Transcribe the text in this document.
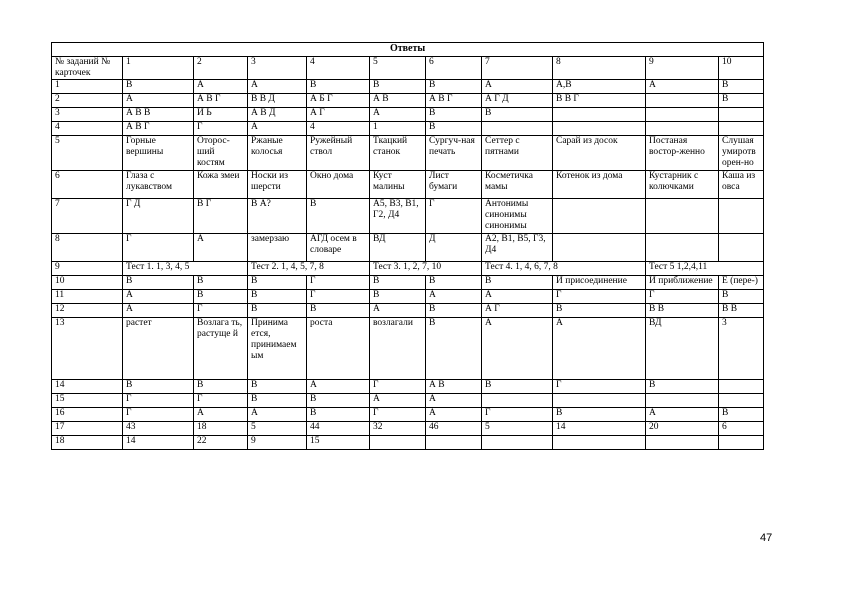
Ответы										
№ заданий № карточек	1	2	3	4	5	6	7	8	9	10
1	В	А	А	В	В	В	А	А,В	А	В
2	А	А В Г	В В Д	А Б Г	А В	А В Г	А Г Д	В В Г		В
3	А В В	И Ь	А В Д	А Г	А	В	В			
4	А В Г	Г	А	4	1	В				
5	Горные вершины	Оторос-ший костям	Ржаные колосья	Ружейный ствол	Ткацкий станок	Сургуч-ная печать	Сеттер с пятнами	Сарай из досок	Постаная востор-женно	Слушая умиротворен-но
6	Глаза с лукавством	Кожа змеи	Носки из шерсти	Окно дома	Куст малины	Лист бумаги	Косметичка мамы	Котенок из дома	Кустарник с колючками	Каша из овса
7	Г Д	В Г	В А?	В	А5, В3, В1, Г2, Д4	Г	Антонимы синонимы синонимы			
8	Г	А	замерзаю	АГД осем в словаре	ВД	Д	А2, В1, В5, Г3, Д4			
9	Тест 1. 1, 3, 4, 5		Тест 2. 1, 4, 5, 7, 8		Тест 3. 1, 2, 7, 10		Тест 4. 1, 4, 6, 7, 8		Тест 5 1,2,4,11	
10	В	В	В	Г	В	В	В	И присоединение	И приближение	Е (пере-)
11	А	В	В	Г	В	А	А	Г	Г	В
12	А	Г	В	В	А	В	А Г	В	В В	В В
13	растет	Возлага ть, растуще й	Принима ется, принимаем ым	роста	возлагали	В	А	А	ВД	3
14	В	В	В	А	Г	А В	В	Г	В	
15	Г	Г	В	В	А	А				
16	Г	А	А	В	Г	А	Г	В	А	В
17	43	18	5	44	32	46	5	14	20	6
18	14	22	9	15						
47
